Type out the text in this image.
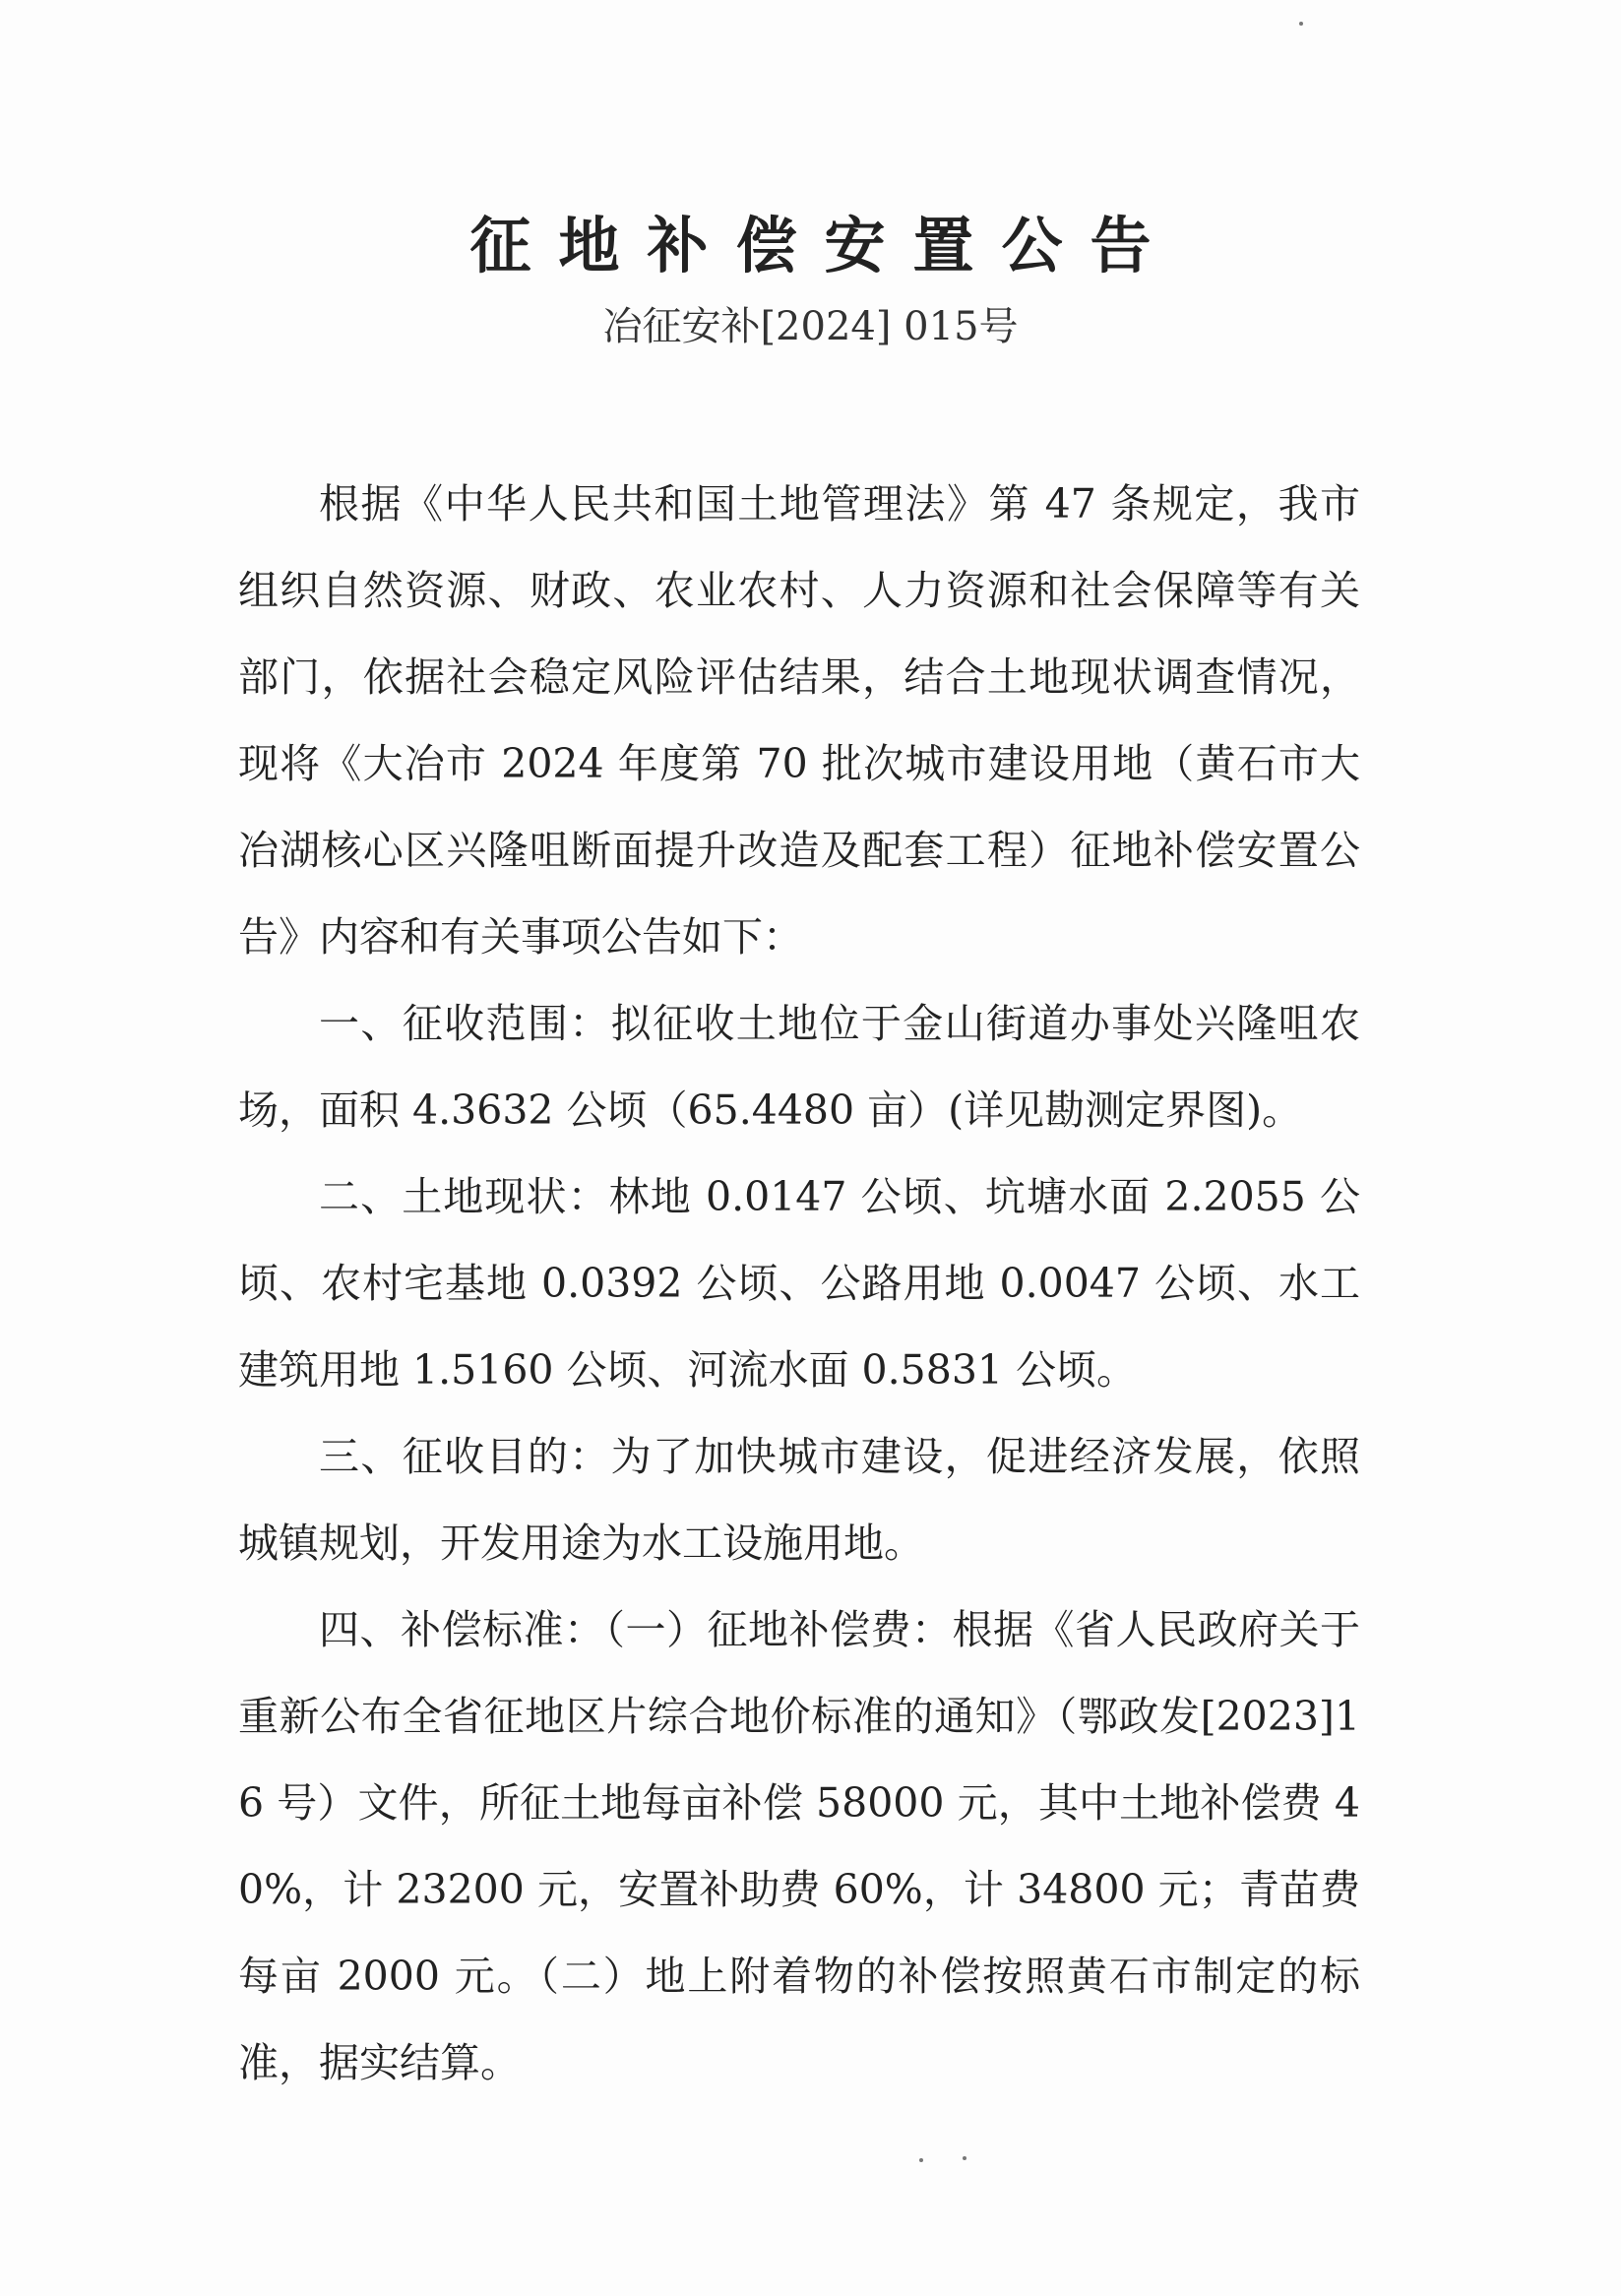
征地补偿安置公告
冶征安补[2024] 015号

根据《中华人民共和国土地管理法》第 47 条规定，我市组织自然资源、财政、农业农村、人力资源和社会保障等有关部门，依据社会稳定风险评估结果，结合土地现状调查情况，现将《大冶市 2024 年度第 70 批次城市建设用地（黄石市大冶湖核心区兴隆咀断面提升改造及配套工程）征地补偿安置公告》内容和有关事项公告如下：

一、征收范围：拟征收土地位于金山街道办事处兴隆咀农场，面积 4.3632 公顷（65.4480 亩）(详见勘测定界图)。

二、土地现状：林地 0.0147 公顷、坑塘水面 2.2055 公顷、农村宅基地 0.0392 公顷、公路用地 0.0047 公顷、水工建筑用地 1.5160 公顷、河流水面 0.5831 公顷。

三、征收目的：为了加快城市建设，促进经济发展，依照城镇规划，开发用途为水工设施用地。

四、补偿标准：（一）征地补偿费：根据《省人民政府关于重新公布全省征地区片综合地价标准的通知》（鄂政发[2023]16 号）文件，所征土地每亩补偿 58000 元，其中土地补偿费 40%，计 23200 元，安置补助费 60%，计 34800 元；青苗费每亩 2000 元。（二）地上附着物的补偿按照黄石市制定的标准，据实结算。
